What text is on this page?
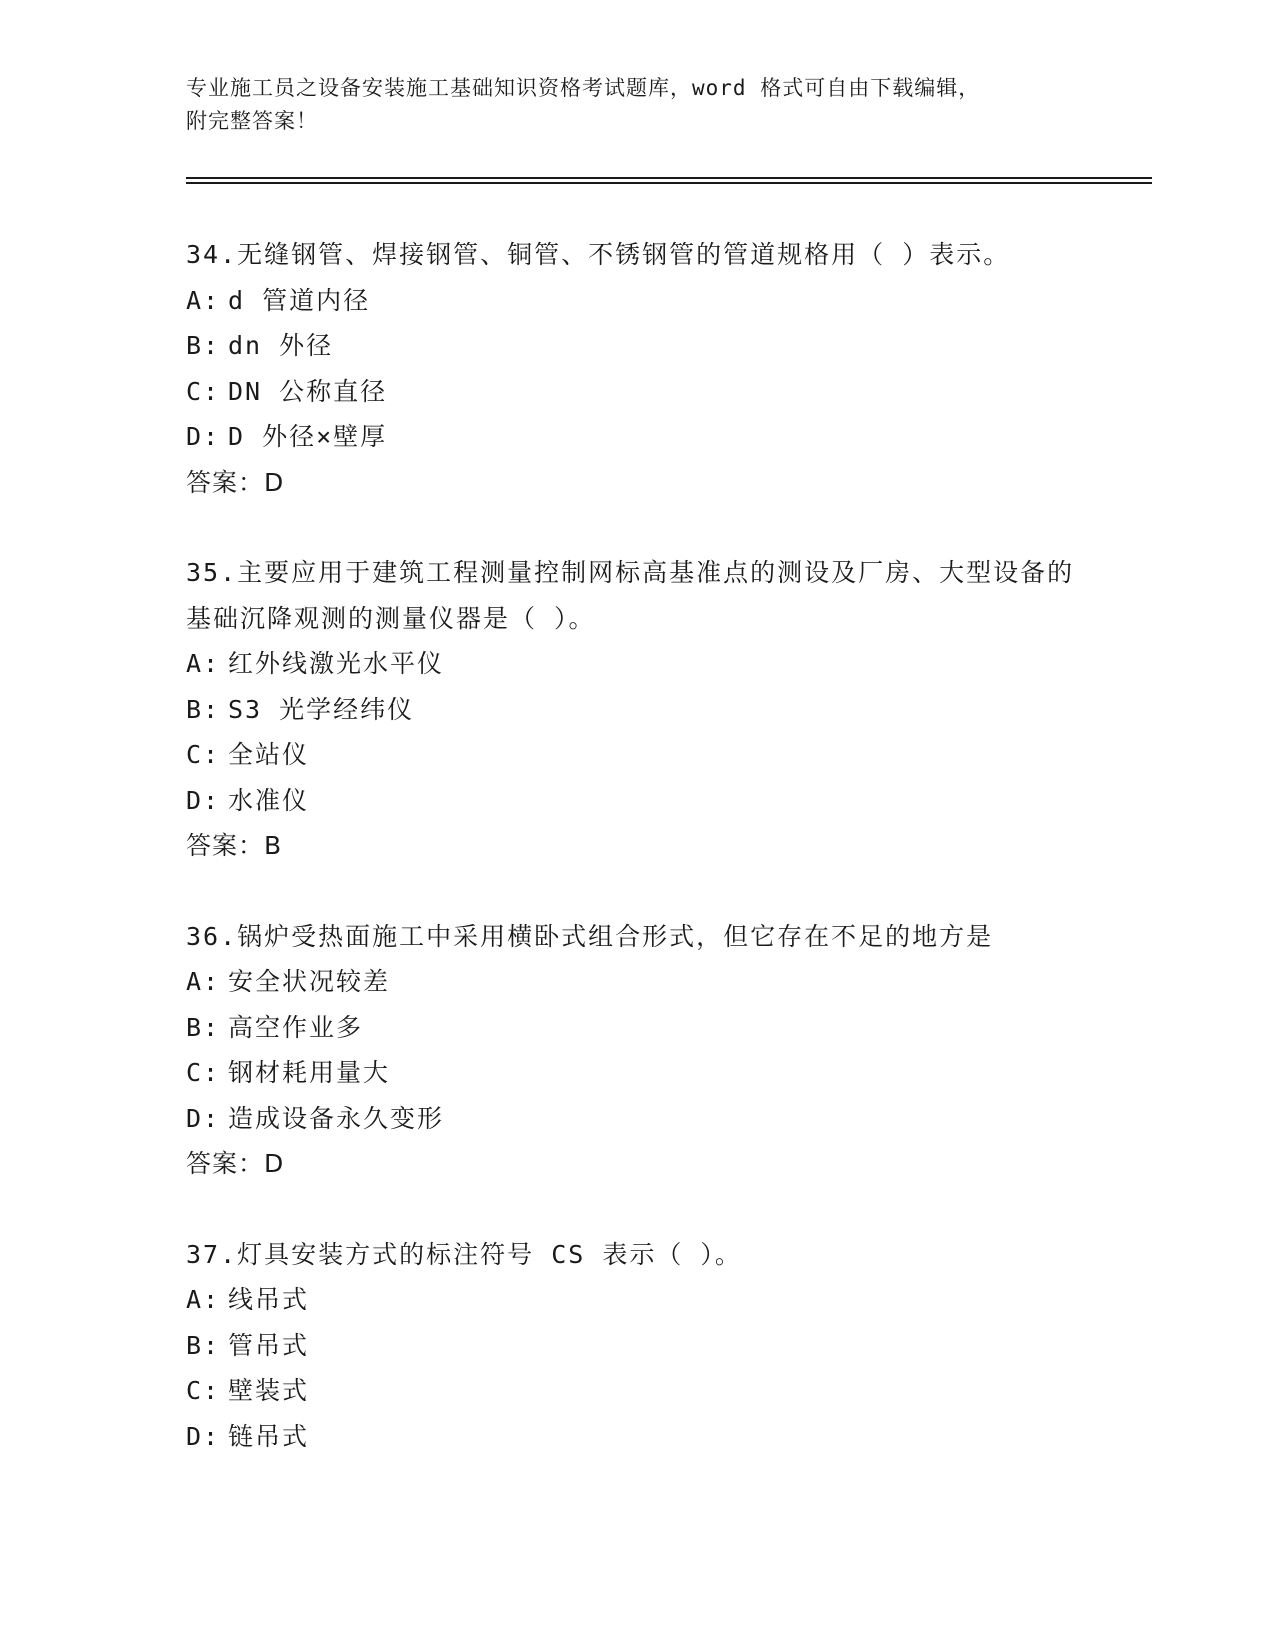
专业施工员之设备安装施工基础知识资格考试题库，word 格式可自由下载编辑，

附完整答案！

34.无缝钢管、焊接钢管、铜管、不锈钢管的管道规格用（ ）表示。

A: d 管道内径

B: dn 外径

C: DN 公称直径

D: D 外径×壁厚

答案：D

35.主要应用于建筑工程测量控制网标高基准点的测设及厂房、大型设备的基础沉降观测的测量仪器是（ ）。

A: 红外线激光水平仪

B: S3 光学经纬仪

C: 全站仪

D: 水准仪

答案：B

36.锅炉受热面施工中采用横卧式组合形式，但它存在不足的地方是

A: 安全状况较差

B: 高空作业多

C: 钢材耗用量大

D: 造成设备永久变形

答案：D

37.灯具安装方式的标注符号 CS 表示（ ）。

A: 线吊式

B: 管吊式

C: 壁装式

D: 链吊式
